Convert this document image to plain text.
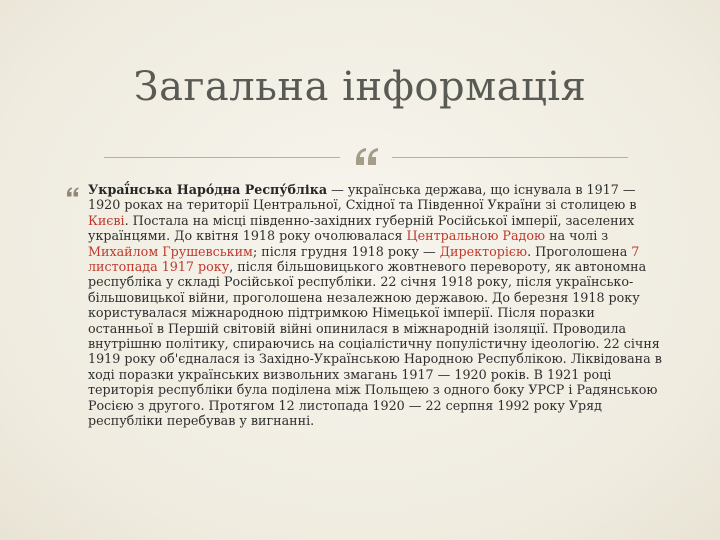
Загальна інформація

Украї́нська Наро́дна Респу́бліка — українська держава, що існувала в 1917 — 1920 роках на території Центральної, Східної та Південної України зі столицею в Києві. Постала на місці південно-західних губерній Російської імперії, заселених українцями. До квітня 1918 року очолювалася Центральною Радою на чолі з Михайлом Грушевським; після грудня 1918 року — Директорією. Проголошена 7 листопада 1917 року, після більшовицького жовтневого перевороту, як автономна республіка у складі Російської республіки. 22 січня 1918 року, після українсько-більшовицької війни, проголошена незалежною державою. До березня 1918 року користувалася міжнародною підтримкою Німецької імперії. Після поразки останньої в Першій світовій війні опинилася в міжнародній ізоляції. Проводила внутрішню політику, спираючись на соціалістичну популістичну ідеологію. 22 січня 1919 року об'єдналася із Західно-Українською Народною Республікою. Ліквідована в ході поразки українських визвольних змагань 1917 — 1920 років. В 1921 році територія республіки була поділена між Польщею з одного боку УРСР і Радянською Росією з другого. Протягом 12 листопада 1920 — 22 серпня 1992 року Уряд республіки перебував у вигнанні.
